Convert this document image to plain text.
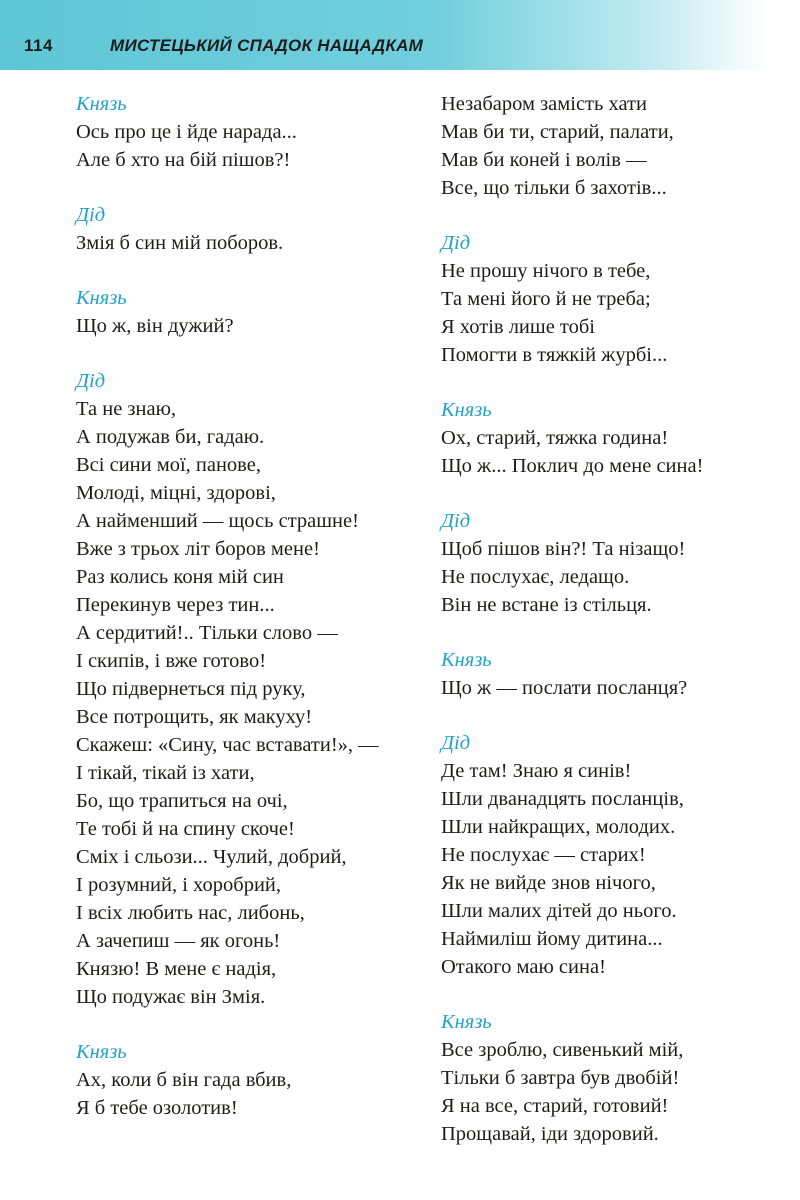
114	МИСТЕЦЬКИЙ СПАДОК НАЩАДКАМ
Князь
Ось про це і йде нарада...
Але б хто на бій пішов?!
Дід
Змія б син мій поборов.
Князь
Що ж, він дужий?
Дід
Та не знаю,
А подужав би, гадаю.
Всі сини мої, панове,
Молоді, міцні, здорові,
А найменший — щось страшне!
Вже з трьох літ боров мене!
Раз колись коня мій син
Перекинув через тин...
А сердитий!.. Тільки слово —
І скипів, і вже готово!
Що підвернеться під руку,
Все потрощить, як макуху!
Скажеш: «Сину, час вставати!», —
І тікай, тікай із хати,
Бо, що трапиться на очі,
Те тобі й на спину скоче!
Сміх і сльози... Чулий, добрий,
І розумний, і хоробрий,
І всіх любить нас, либонь,
А зачепиш — як огонь!
Князю! В мене є надія,
Що подужає він Змія.
Князь
Ах, коли б він гада вбив,
Я б тебе озолотив!
Незабаром замість хати
Мав би ти, старий, палати,
Мав би коней і волів —
Все, що тільки б захотів...
Дід
Не прошу нічого в тебе,
Та мені його й не треба;
Я хотів лише тобі
Помогти в тяжкій журбі...
Князь
Ох, старий, тяжка година!
Що ж... Поклич до мене сина!
Дід
Щоб пішов він?! Та нізащо!
Не послухає, ледащо.
Він не встане із стільця.
Князь
Що ж — послати посланця?
Дід
Де там! Знаю я синів!
Шли дванадцять посланців,
Шли найкращих, молодих.
Не послухає — старих!
Як не вийде знов нічого,
Шли малих дітей до нього.
Наймиліш йому дитина...
Отакого маю сина!
Князь
Все зроблю, сивенький мій,
Тільки б завтра був двобій!
Я на все, старий, готовий!
Прощавай, іди здоровий.
